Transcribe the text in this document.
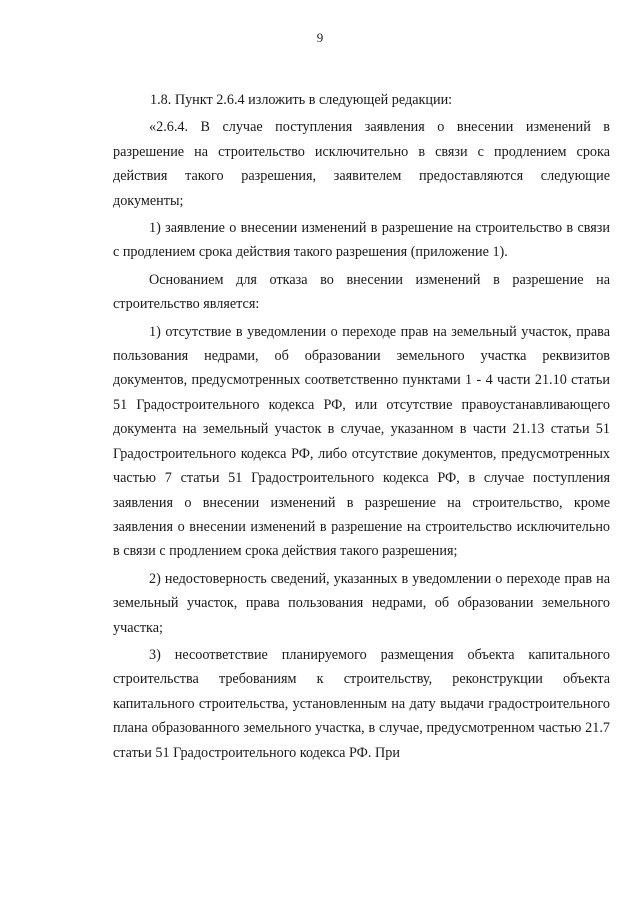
9

1.8. Пункт 2.6.4 изложить в следующей редакции:

«2.6.4. В случае поступления заявления о внесении изменений в разрешение на строительство исключительно в связи с продлением срока действия такого разрешения, заявителем предоставляются следующие документы;

1) заявление о внесении изменений в разрешение на строительство в связи с продлением срока действия такого разрешения (приложение 1).

Основанием для отказа во внесении изменений в разрешение на строительство является:

1) отсутствие в уведомлении о переходе прав на земельный участок, права пользования недрами, об образовании земельного участка реквизитов документов, предусмотренных соответственно пунктами 1 - 4 части 21.10 статьи 51 Градостроительного кодекса РФ, или отсутствие правоустанавливающего документа на земельный участок в случае, указанном в части 21.13 статьи 51 Градостроительного кодекса РФ, либо отсутствие документов, предусмотренных частью 7 статьи 51 Градостроительного кодекса РФ, в случае поступления заявления о внесении изменений в разрешение на строительство, кроме заявления о внесении изменений в разрешение на строительство исключительно в связи с продлением срока действия такого разрешения;

2) недостоверность сведений, указанных в уведомлении о переходе прав на земельный участок, права пользования недрами, об образовании земельного участка;

3) несоответствие планируемого размещения объекта капитального строительства требованиям к строительству, реконструкции объекта капитального строительства, установленным на дату выдачи градостроительного плана образованного земельного участка, в случае, предусмотренном частью 21.7 статьи 51 Градостроительного кодекса РФ. При
